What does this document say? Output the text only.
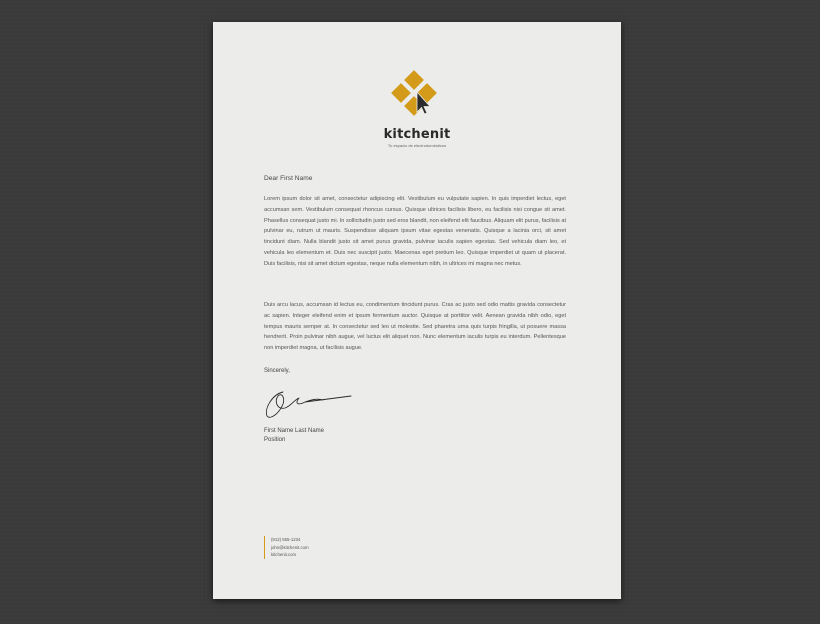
kitchenit
Tu espacio de electrodomésticos
Dear First Name

Lorem ipsum dolor sit amet, consectetur adipiscing elit. Vestibulum eu vulputate sapien. In quis imperdiet lectus, eget accumsan sem. Vestibulum consequat rhoncus cursus. Quisque ultrices facilisis libero, eu facilisis nisi congue sit amet. Phasellus consequat justo mi. In sollicitudin justo sed eros blandit, non eleifend elit faucibus. Aliquam elit purus, facilisis at pulvinar eu, rutrum ut mauris. Suspendisse aliquam ipsum vitae egestas venenatis. Quisque a lacinia orci, sit amet tincidunt diam. Nulla blandit justo sit amet purus gravida, pulvinar iaculis sapien egestas. Sed vehicula diam leo, et vehicula leo elementum et. Duis nec suscipit justo. Maecenas eget pretium leo. Quisque imperdiet ut quam ut placerat. Duis facilisis, nisi sit amet dictum egestas, neque nulla elementum nibh, in ultrices mi magna nec metus.

Duis arcu lacus, accumsan id lectus eu, condimentum tincidunt purus. Cras ac justo sed odio mattis gravida consectetur ac sapien. Integer eleifend enim et ipsum fermentum auctor. Quisque at porttitor velit. Aenean gravida nibh odio, eget tempus mauris semper at. In consectetur sed leo ut molestie. Sed pharetra urna quis turpis fringilla, ut posuere massa hendrerit. Proin pulvinar nibh augue, vel luctus elit aliquet non. Nunc elementum iaculis turpis eu interdum. Pellentesque non imperdiet magna, ut facilisis augue.

Sincerely,
First Name Last Name
Position
(912) 555-1234
john@kitchenit.com
kitchenit.com
